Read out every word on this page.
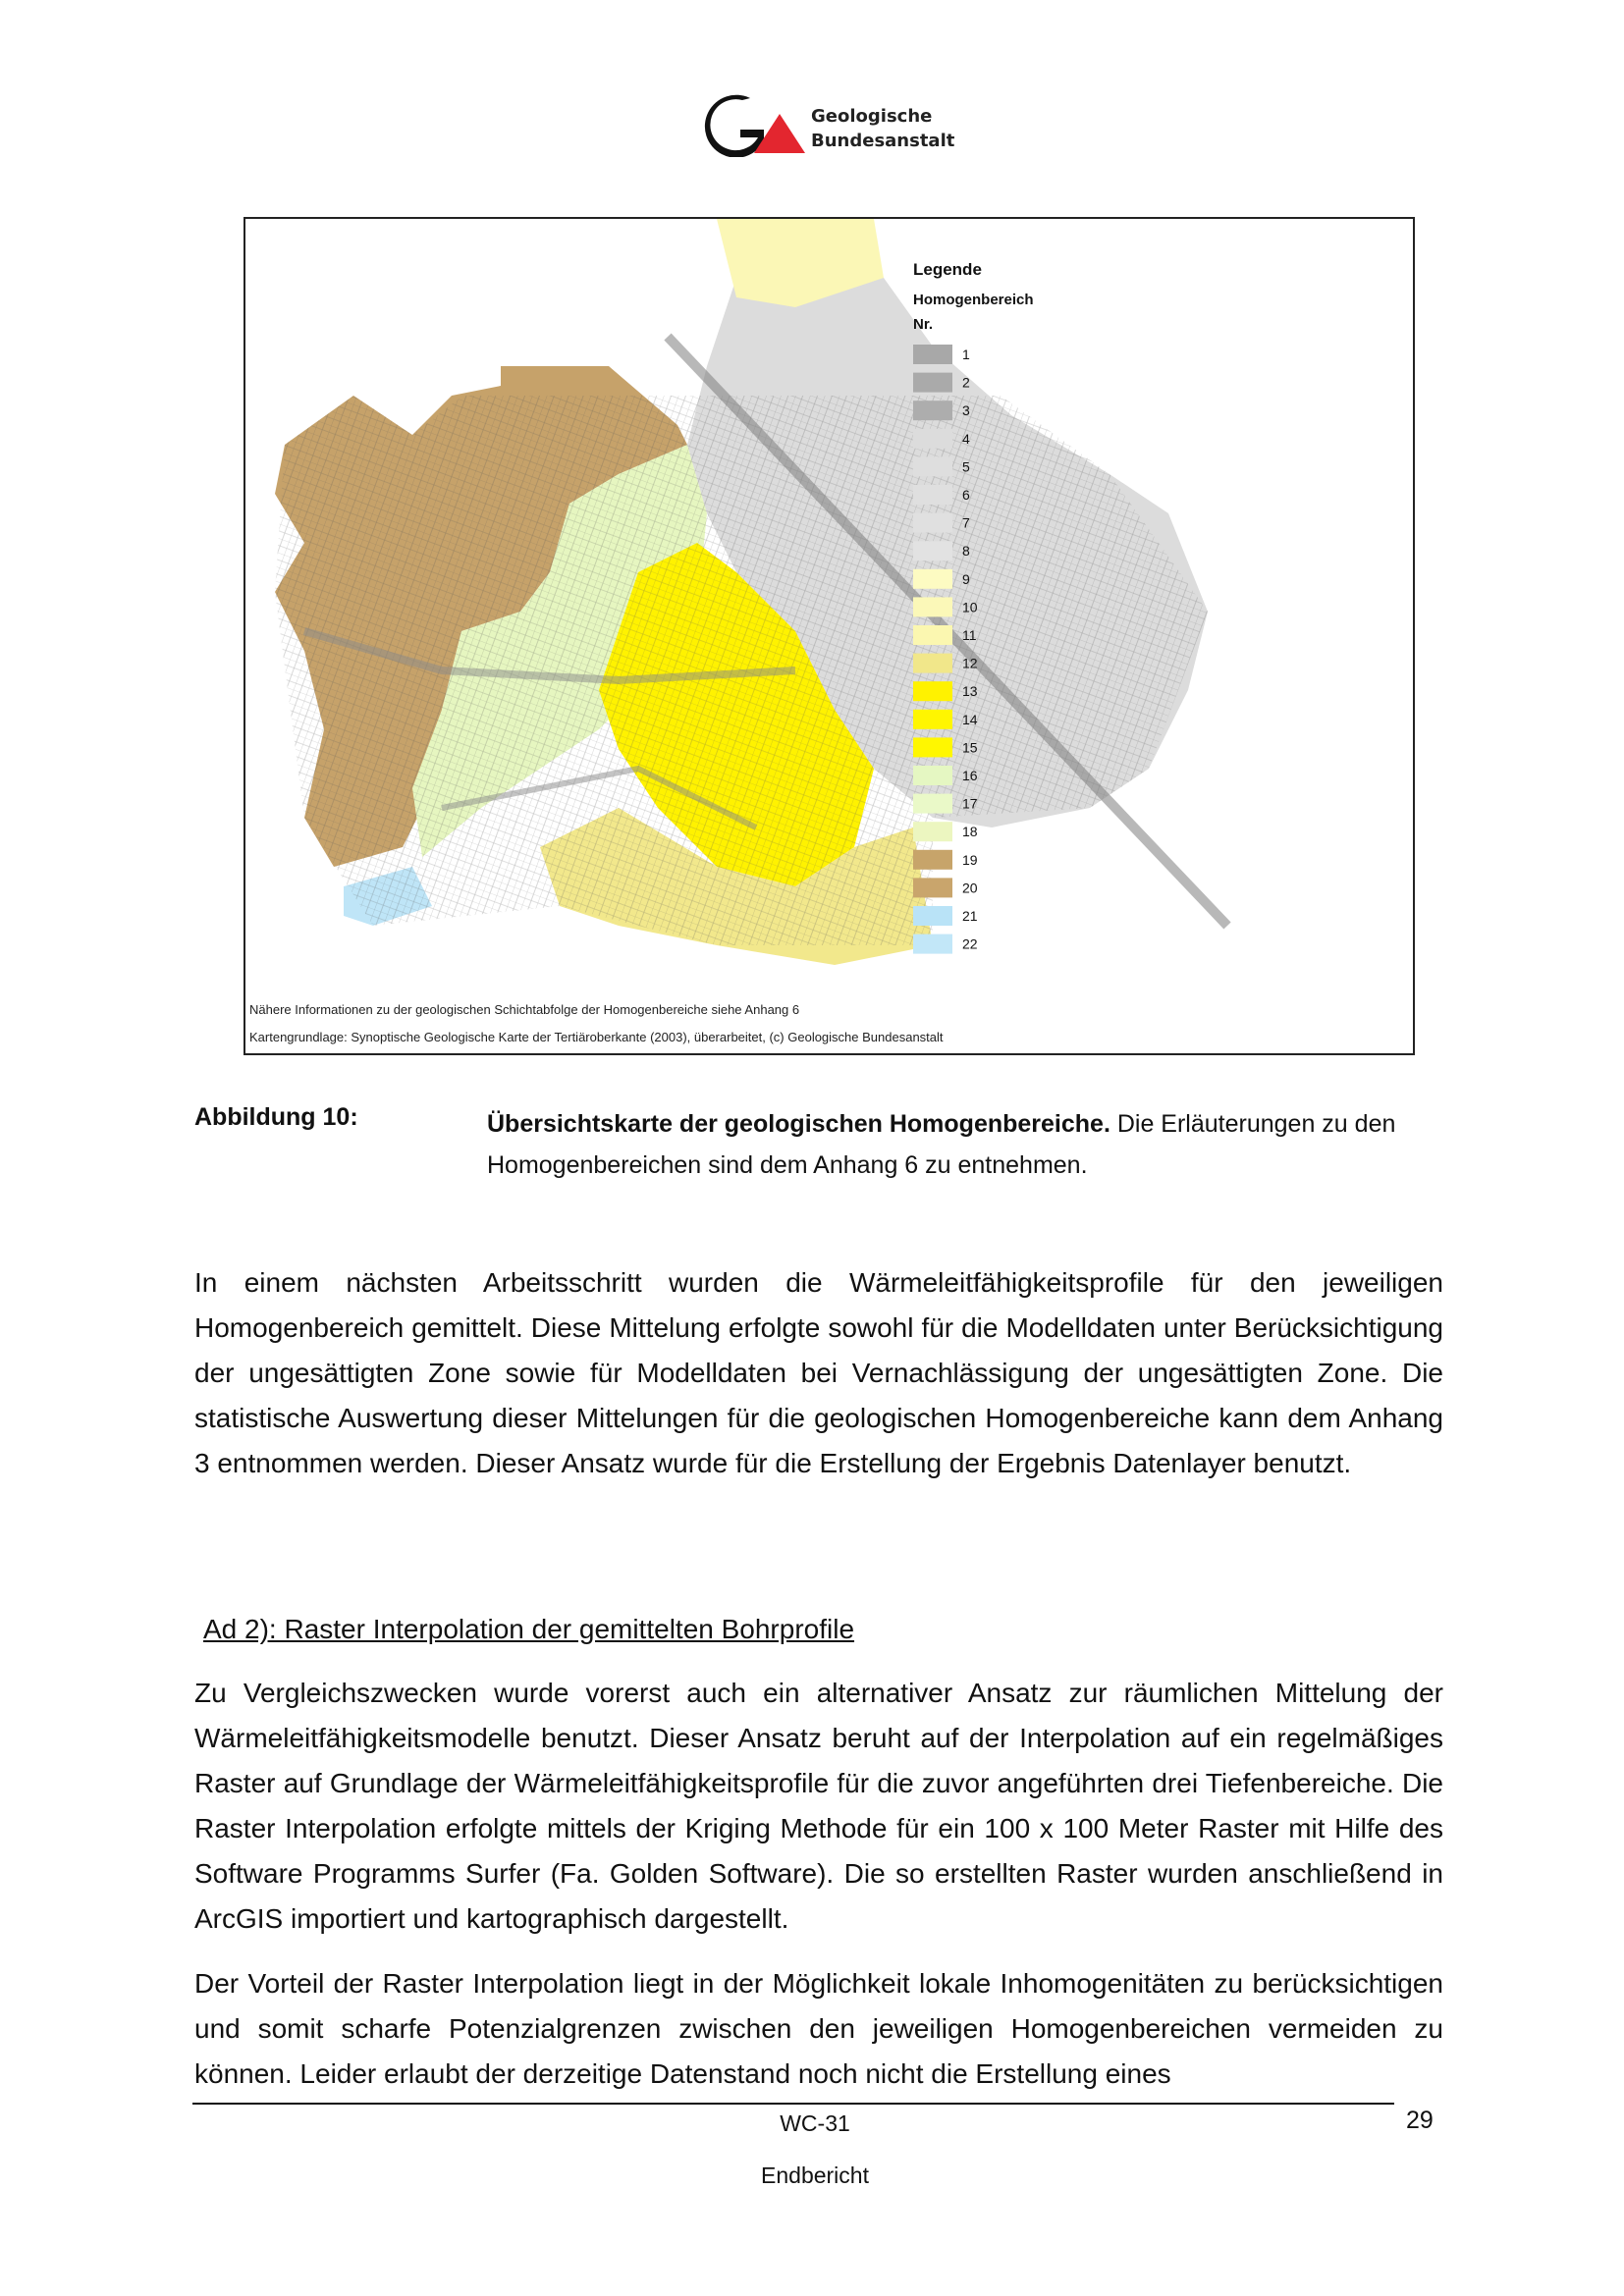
Geologische
Bundesanstalt
Legende
Homogenbereich
Nr.
1
2
3
4
5
6
7
8
9
10
11
12
13
14
15
16
17
18
19
20
21
22
Nähere Informationen zu der geologischen Schichtabfolge der Homogenbereiche siehe Anhang 6
Kartengrundlage: Synoptische Geologische Karte der Tertiäroberkante (2003), überarbeitet, (c) Geologische Bundesanstalt
Abbildung 10:	Übersichtskarte der geologischen Homogenbereiche. Die Erläuterungen zu den Homogenbereichen sind dem Anhang 6 zu entnehmen.
In einem nächsten Arbeitsschritt wurden die Wärmeleitfähigkeitsprofile für den jeweiligen Homogenbereich gemittelt. Diese Mittelung erfolgte sowohl für die Modelldaten unter Berücksichtigung der ungesättigten Zone sowie für Modelldaten bei Vernachlässigung der ungesättigten Zone. Die statistische Auswertung dieser Mittelungen für die geologischen Homogenbereiche kann dem Anhang 3 entnommen werden. Dieser Ansatz wurde für die Erstellung der Ergebnis Datenlayer benutzt.
Ad 2): Raster Interpolation der gemittelten Bohrprofile
Zu Vergleichszwecken wurde vorerst auch ein alternativer Ansatz zur räumlichen Mittelung der Wärmeleitfähigkeitsmodelle benutzt. Dieser Ansatz beruht auf der Interpolation auf ein regelmäßiges Raster auf Grundlage der Wärmeleitfähigkeitsprofile für die zuvor angeführten drei Tiefenbereiche. Die Raster Interpolation erfolgte mittels der Kriging Methode für ein 100 x 100 Meter Raster mit Hilfe des Software Programms Surfer (Fa. Golden Software). Die so erstellten Raster wurden anschließend in ArcGIS importiert und kartographisch dargestellt.
Der Vorteil der Raster Interpolation liegt in der Möglichkeit lokale Inhomogenitäten zu berücksichtigen und somit scharfe Potenzialgrenzen zwischen den jeweiligen Homogenbereichen vermeiden zu können. Leider erlaubt der derzeitige Datenstand noch nicht die Erstellung eines
WC-31	29
Endbericht
